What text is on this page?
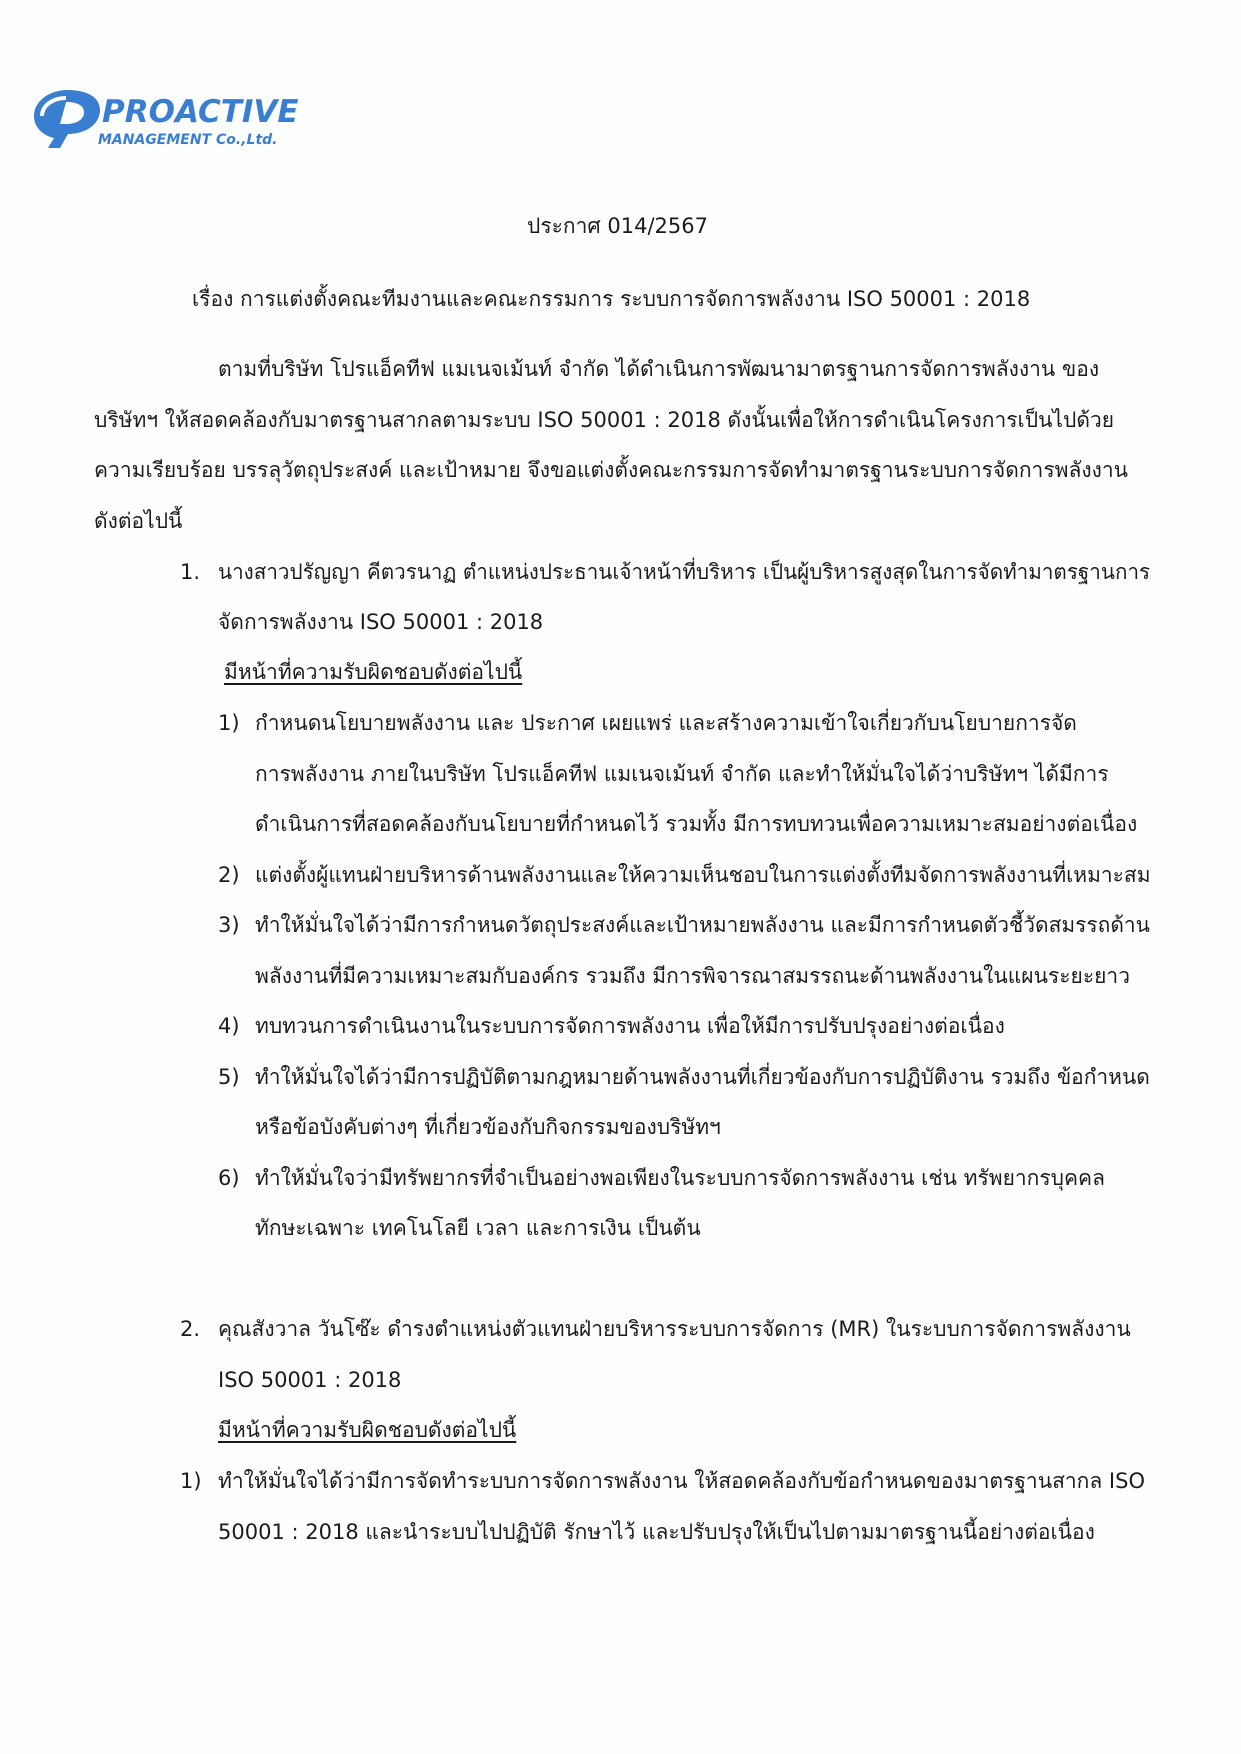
PROACTIVE
MANAGEMENT Co.,Ltd.
ประกาศ 014/2567
เรื่อง การแต่งตั้งคณะทีมงานและคณะกรรมการ ระบบการจัดการพลังงาน ISO 50001 : 2018
ตามที่บริษัท โปรแอ็คทีฟ แมเนจเม้นท์ จำกัด ได้ดำเนินการพัฒนามาตรฐานการจัดการพลังงาน ของ
บริษัทฯ ให้สอดคล้องกับมาตรฐานสากลตามระบบ ISO 50001 : 2018 ดังนั้นเพื่อให้การดำเนินโครงการเป็นไปด้วย
ความเรียบร้อย บรรลุวัตถุประสงค์ และเป้าหมาย จึงขอแต่งตั้งคณะกรรมการจัดทำมาตรฐานระบบการจัดการพลังงาน
ดังต่อไปนี้
1. นางสาวปรัญญา คีตวรนาฏ ตำแหน่งประธานเจ้าหน้าที่บริหาร เป็นผู้บริหารสูงสุดในการจัดทำมาตรฐานการ
จัดการพลังงาน ISO 50001 : 2018
มีหน้าที่ความรับผิดชอบดังต่อไปนี้
1) กำหนดนโยบายพลังงาน และ ประกาศ เผยแพร่ และสร้างความเข้าใจเกี่ยวกับนโยบายการจัด
การพลังงาน ภายในบริษัท โปรแอ็คทีฟ แมเนจเม้นท์ จำกัด และทำให้มั่นใจได้ว่าบริษัทฯ ได้มีการ
ดำเนินการที่สอดคล้องกับนโยบายที่กำหนดไว้ รวมทั้ง มีการทบทวนเพื่อความเหมาะสมอย่างต่อเนื่อง
2) แต่งตั้งผู้แทนฝ่ายบริหารด้านพลังงานและให้ความเห็นชอบในการแต่งตั้งทีมจัดการพลังงานที่เหมาะสม
3) ทำให้มั่นใจได้ว่ามีการกำหนดวัตถุประสงค์และเป้าหมายพลังงาน และมีการกำหนดตัวชี้วัดสมรรถด้าน
พลังงานที่มีความเหมาะสมกับองค์กร รวมถึง มีการพิจารณาสมรรถนะด้านพลังงานในแผนระยะยาว
4) ทบทวนการดำเนินงานในระบบการจัดการพลังงาน เพื่อให้มีการปรับปรุงอย่างต่อเนื่อง
5) ทำให้มั่นใจได้ว่ามีการปฏิบัติตามกฎหมายด้านพลังงานที่เกี่ยวข้องกับการปฏิบัติงาน รวมถึง ข้อกำหนด
หรือข้อบังคับต่างๆ ที่เกี่ยวข้องกับกิจกรรมของบริษัทฯ
6) ทำให้มั่นใจว่ามีทรัพยากรที่จำเป็นอย่างพอเพียงในระบบการจัดการพลังงาน เช่น ทรัพยากรบุคคล
ทักษะเฉพาะ เทคโนโลยี เวลา และการเงิน เป็นต้น
2. คุณสังวาล วันโซ๊ะ ดำรงตำแหน่งตัวแทนฝ่ายบริหารระบบการจัดการ (MR) ในระบบการจัดการพลังงาน
ISO 50001 : 2018
มีหน้าที่ความรับผิดชอบดังต่อไปนี้
1) ทำให้มั่นใจได้ว่ามีการจัดทำระบบการจัดการพลังงาน ให้สอดคล้องกับข้อกำหนดของมาตรฐานสากล ISO
50001 : 2018 และนำระบบไปปฏิบัติ รักษาไว้ และปรับปรุงให้เป็นไปตามมาตรฐานนี้อย่างต่อเนื่อง
